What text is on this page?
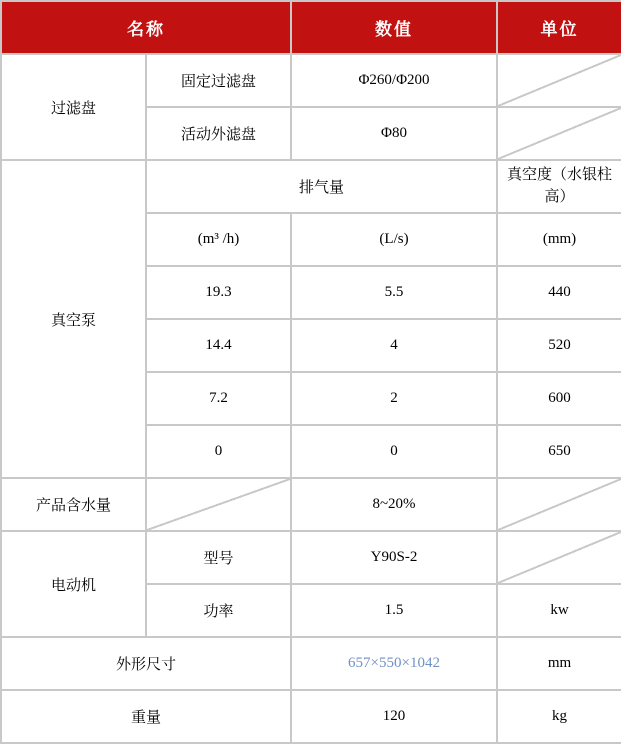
名称		数值	单位
过滤盘	固定过滤盘	Φ260/Φ200	
	活动外滤盘	Φ80	
真空泵	排气量		真空度（水银柱高）
	(m³ /h)	(L/s)	(mm)
	19.3	5.5	440
	14.4	4	520
	7.2	2	600
	0	0	650
产品含水量		8~20%	
电动机	型号	Y90S-2	
	功率	1.5	kw
外形尺寸		657×550×1042	mm
重量		120	kg
